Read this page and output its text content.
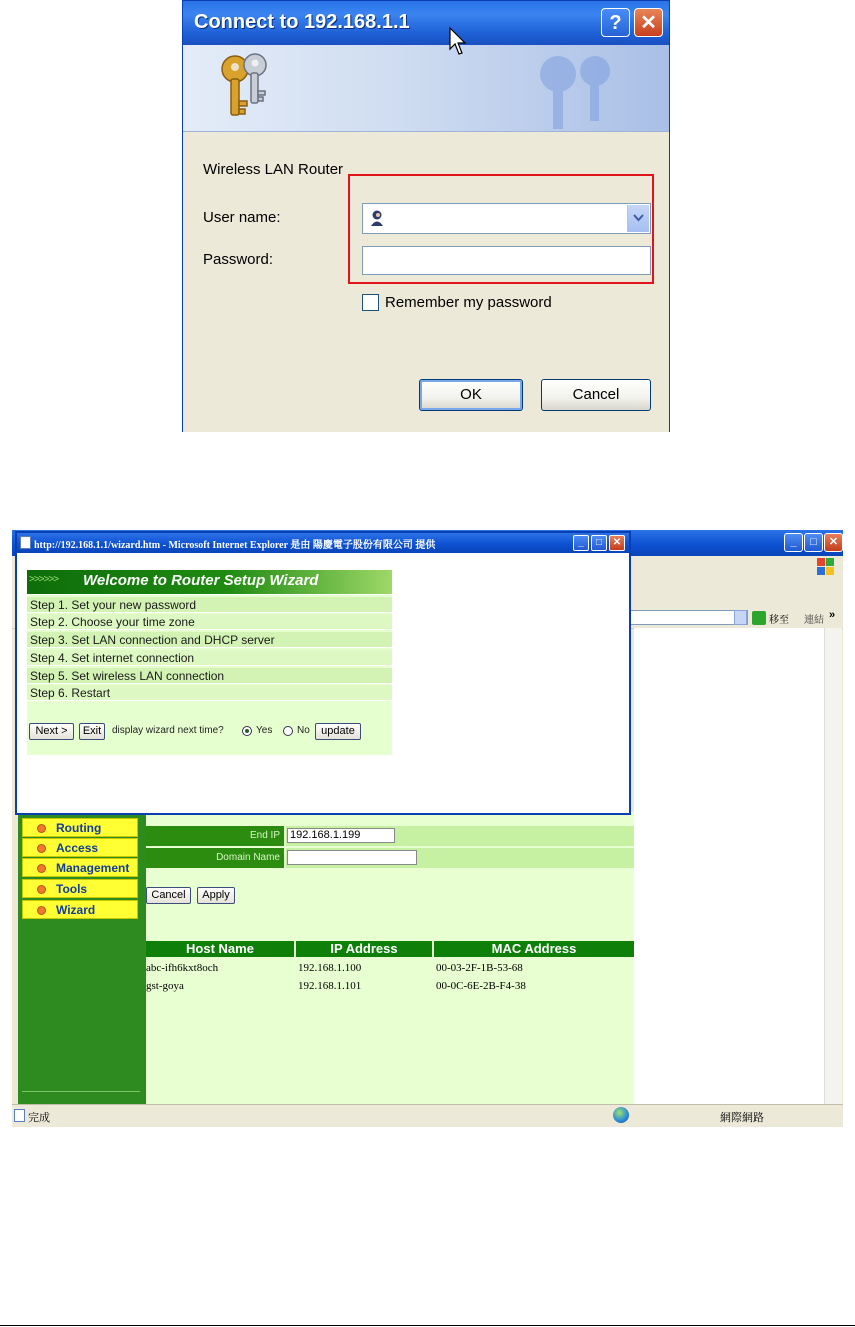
Connect to 192.168.1.1	? ✕
Wireless LAN Router
User name:
Password:
Remember my password
OK	Cancel
_	□	✕
移至 連結 »
Routing
Access
Management
Tools
Wizard
End IP 192.168.1.199
Domain Name
Cancel	Apply
Host Name	IP Address	MAC Address
abc-ifh6kxt8och	192.168.1.100	00-03-2F-1B-53-68
gst-goya	192.168.1.101	00-0C-6E-2B-F4-38
完成	網際網路
http://192.168.1.1/wizard.htm - Microsoft Internet Explorer 是由 陽慶電子股份有限公司 提供	_	□	✕
>>>>>> Welcome to Router Setup Wizard
Step 1. Set your new password
Step 2. Choose your time zone
Step 3. Set LAN connection and DHCP server
Step 4. Set internet connection
Step 5. Set wireless LAN connection
Step 6. Restart
Next >	Exit	display wizard next time?	Yes No	update
